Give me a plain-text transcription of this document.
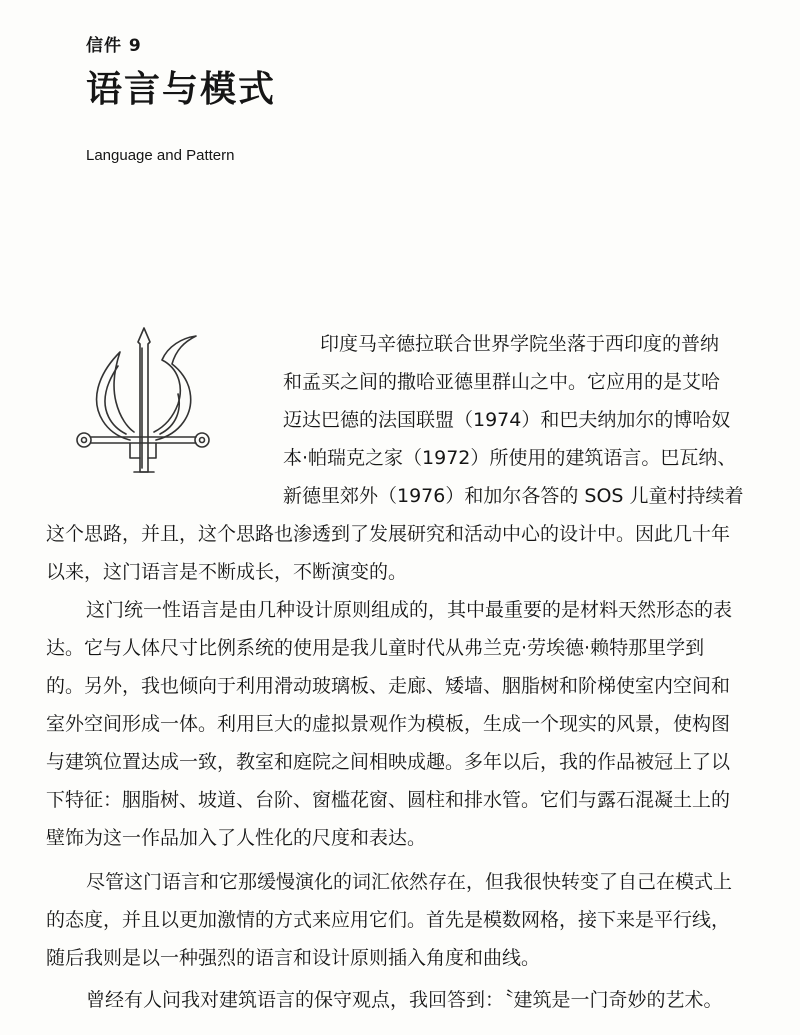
信件 9
语言与模式
Language and Pattern
印度马辛德拉联合世界学院坐落于西印度的普纳
和孟买之间的撒哈亚德里群山之中。它应用的是艾哈
迈达巴德的法国联盟（1974）和巴夫纳加尔的博哈奴
本·帕瑞克之家（1972）所使用的建筑语言。巴瓦纳、
新德里郊外（1976）和加尔各答的 SOS 儿童村持续着
这个思路，并且，这个思路也渗透到了发展研究和活动中心的设计中。因此几十年
以来，这门语言是不断成长，不断演变的。
这门统一性语言是由几种设计原则组成的，其中最重要的是材料天然形态的表
达。它与人体尺寸比例系统的使用是我儿童时代从弗兰克·劳埃德·赖特那里学到
的。另外，我也倾向于利用滑动玻璃板、走廊、矮墙、胭脂树和阶梯使室内空间和
室外空间形成一体。利用巨大的虚拟景观作为模板，生成一个现实的风景，使构图
与建筑位置达成一致，教室和庭院之间相映成趣。多年以后，我的作品被冠上了以
下特征：胭脂树、坡道、台阶、窗槛花窗、圆柱和排水管。它们与露石混凝土上的
壁饰为这一作品加入了人性化的尺度和表达。
尽管这门语言和它那缓慢演化的词汇依然存在，但我很快转变了自己在模式上
的态度，并且以更加激情的方式来应用它们。首先是模数网格，接下来是平行线，
随后我则是以一种强烈的语言和设计原则插入角度和曲线。
曾经有人问我对建筑语言的保守观点，我回答到：〝建筑是一门奇妙的艺术。
